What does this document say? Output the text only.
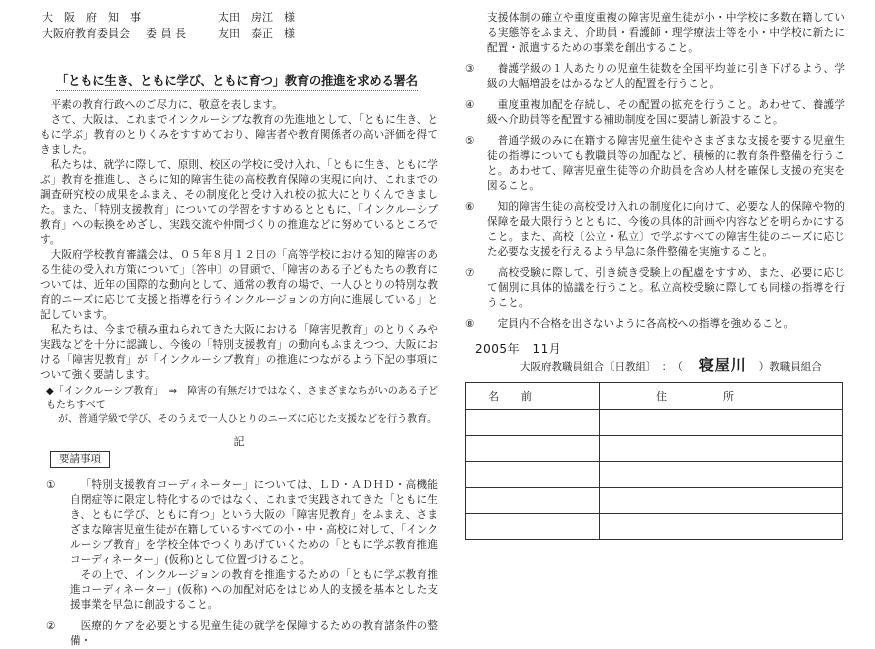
大　阪　府　知　事	太田　房江　様
大阪府教育委員会 委 員 長	友田　泰正　様
「ともに生き、ともに学び、ともに育つ」教育の推進を求める署名

平素の教育行政へのご尽力に、敬意を表します。

さて、大阪は、これまでインクルーシブな教育の先進地として、「ともに生き、ともに学ぶ」教育のとりくみをすすめており、障害者や教育関係者の高い評価を得てきました。

私たちは、就学に際して、原則、校区の学校に受け入れ、「ともに生き、ともに学ぶ」教育を推進し、さらに知的障害生徒の高校教育保障の実現に向け、これまでの調査研究校の成果をふまえ、その制度化と受け入れ校の拡大にとりくんできました。また、「特別支援教育」についての学習をすすめるとともに、「インクルーシブ教育」への転換をめざし、実践交流や仲間づくりの推進などに努めているところです。

大阪府学校教育審議会は、０５年８月１２日の「高等学校における知的障害のある生徒の受入れ方策について」〔答申〕の冒頭で、「障害のある子どもたちの教育については、近年の国際的な動向として、通常の教育の場で、一人ひとりの特別な教育的ニーズに応じて支援と指導を行うインクルージョンの方向に進展している」と記しています。

私たちは、今まで積み重ねられてきた大阪における「障害児教育」のとりくみや実践などを十分に認識し、今後の「特別支援教育」の動向もふまえつつ、大阪における「障害児教育」が「インクルーシブ教育」の推進につながるよう下記の事項について強く要請します。

◆「インクルーシブ教育」　⇒　障害の有無だけではなく、さまざまなちがいのある子どもたちすべて
が、普通学級で学び、そのうえで一人ひとりのニーズに応じた支援などを行う教育。
記
要請事項
①	「特別支援教育コーディネーター」については、ＬＤ・ＡＤＨＤ・高機能自閉症等に限定し特化するのではなく、これまで実践されてきた「ともに生き、ともに学び、ともに育つ」という大阪の「障害児教育」をふまえ、さまざまな障害児童生徒が在籍しているすべての小・中・高校に対して、「インクルーシブ教育」を学校全体でつくりあげていくための「ともに学ぶ教育推進コーディネーター」(仮称)として位置づけること。

その上で、インクルージョンの教育を推進するための「ともに学ぶ教育推進コーディネーター」(仮称) への加配対応をはじめ人的支援を基本とした支援事業を早急に創設すること。

②	医療的ケアを必要とする児童生徒の就学を保障するための教育諸条件の整備・

支援体制の確立や重度重複の障害児童生徒が小・中学校に多数在籍している実態等をふまえ、介助員・看護師・理学療法士等を小・中学校に新たに配置・派遣するための事業を創出すること。

③	養護学級の１人あたりの児童生徒数を全国平均並に引き下げるよう、学級の大幅増設をはかるなど人的配置を行うこと。

④	重度重複加配を存続し、その配置の拡充を行うこと。あわせて、養護学級へ介助員等を配置する補助制度を国に要請し新設すること。

⑤	普通学級のみに在籍する障害児童生徒やさまざまな支援を要する児童生徒の指導についても教職員等の加配など、積極的に教育条件整備を行うこと。あわせて、障害児童生徒等の介助員を含め人材を確保し支援の充実を図ること。

⑥	知的障害生徒の高校受け入れの制度化に向けて、必要な人的保障や物的保障を最大限行うとともに、今後の具体的計画や内容などを明らかにすること。また、高校〔公立・私立〕で学ぶすべての障害生徒のニーズに応じた必要な支援を行えるよう早急に条件整備を実施すること。

⑦	高校受験に際して、引き続き受験上の配慮をすすめ、また、必要に応じて個別に具体的協議を行うこと。私立高校受験に際しても同様の指導を行うこと。

⑧	定員内不合格を出さないように各高校への指導を強めること。

2005年　11月
大阪府教職員組合〔日教組〕　：　（ 寝屋川 ）教職員組合
名前	住所
